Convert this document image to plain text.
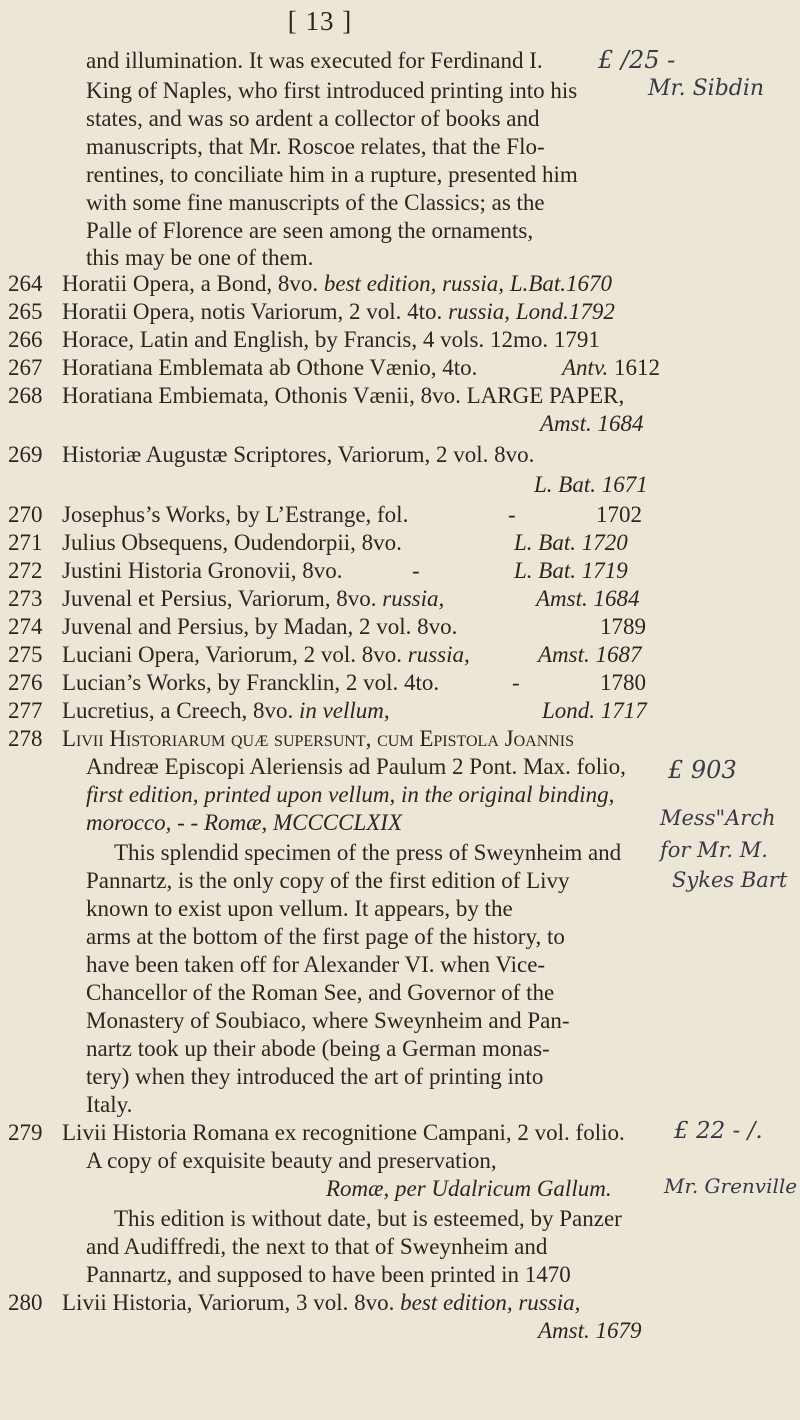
[ 13 ]
and illumination. It was executed for Ferdinand I.
King of Naples, who first introduced printing into his
states, and was so ardent a collector of books and
manuscripts, that Mr. Roscoe relates, that the Flo-
rentines, to conciliate him in a rupture, presented him
with some fine manuscripts of the Classics; as the
Palle of Florence are seen among the ornaments,
this may be one of them.
264 Horatii Opera, a Bond, 8vo. best edition, russia, L.Bat.1670
265 Horatii Opera, notis Variorum, 2 vol. 4to. russia, Lond.1792
266 Horace, Latin and English, by Francis, 4 vols. 12mo. 1791
267 Horatiana Emblemata ab Othone Vænio, 4to.	Antv. 1612
268 Horatiana Embiemata, Othonis Vænii, 8vo. LARGE PAPER,
Amst. 1684
269 Historiæ Augustæ Scriptores, Variorum, 2 vol. 8vo.
L. Bat. 1671
270 Josephus’s Works, by L’Estrange, fol.	-	1702
271 Julius Obsequens, Oudendorpii, 8vo.	L. Bat. 1720
272 Justini Historia Gronovii, 8vo.	-	L. Bat. 1719
273 Juvenal et Persius, Variorum, 8vo. russia,	Amst. 1684
274 Juvenal and Persius, by Madan, 2 vol. 8vo.	1789
275 Luciani Opera, Variorum, 2 vol. 8vo. russia,	Amst. 1687
276 Lucian’s Works, by Francklin, 2 vol. 4to.	-	1780
277 Lucretius, a Creech, 8vo. in vellum,	Lond. 1717
278 Livii Historiarum quæ supersunt, cum Epistola Joannis
Andreæ Episcopi Aleriensis ad Paulum 2 Pont. Max. folio,
first edition, printed upon vellum, in the original binding,
morocco, - - Romæ, MCCCCLXIX
This splendid specimen of the press of Sweynheim and
Pannartz, is the only copy of the first edition of Livy
known to exist upon vellum. It appears, by the
arms at the bottom of the first page of the history, to
have been taken off for Alexander VI. when Vice-
Chancellor of the Roman See, and Governor of the
Monastery of Soubiaco, where Sweynheim and Pan-
nartz took up their abode (being a German monas-
tery) when they introduced the art of printing into
Italy.
279 Livii Historia Romana ex recognitione Campani, 2 vol. folio.
A copy of exquisite beauty and preservation,
Romæ, per Udalricum Gallum.
This edition is without date, but is esteemed, by Panzer
and Audiffredi, the next to that of Sweynheim and
Pannartz, and supposed to have been printed in 1470
280 Livii Historia, Variorum, 3 vol. 8vo. best edition, russia,
Amst. 1679
£ /25 -
Mr. Sibdin
£ 903
Mess"Arch
for Mr. M.
Sykes Bart
£ 22 - /.
Mr. Grenville
